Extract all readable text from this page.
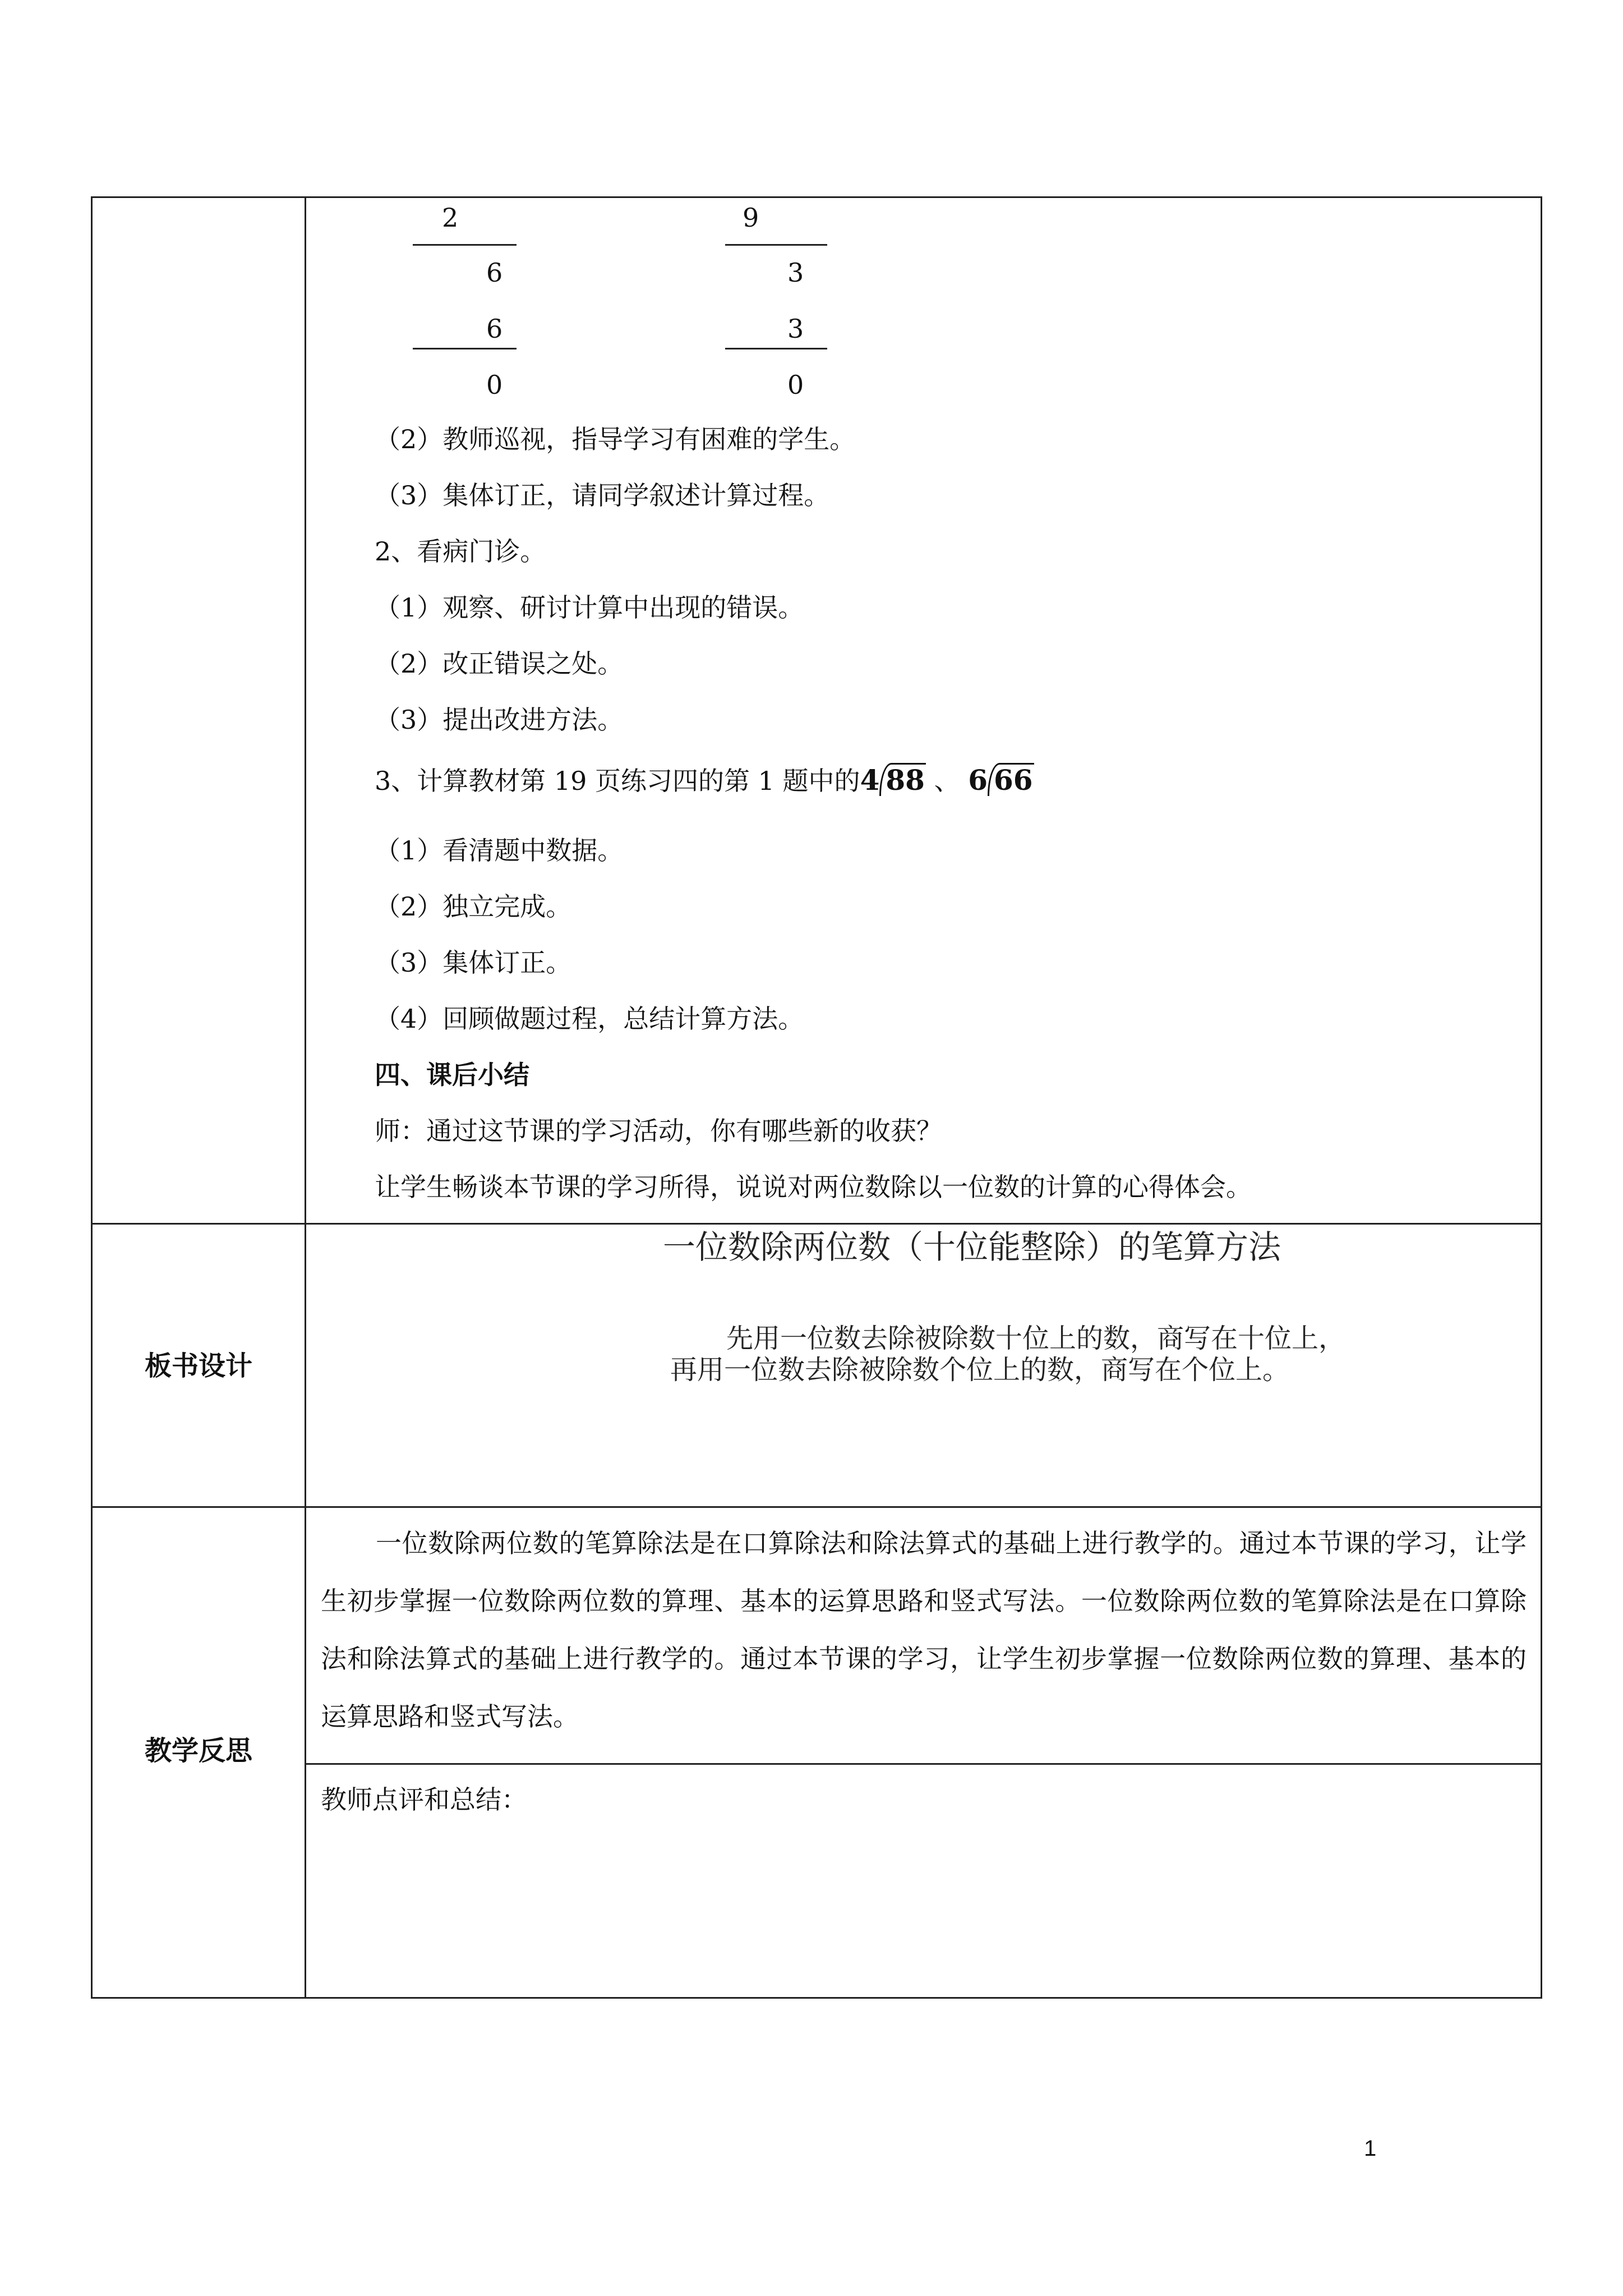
2
6
6
0
9
3
3
0
（2）教师巡视，指导学习有困难的学生。
（3）集体订正，请同学叙述计算过程。
2、看病门诊。
（1）观察、研讨计算中出现的错误。
（2）改正错误之处。
（3）提出改进方法。
3、计算教材第 19 页练习四的第 1 题中的4 88 、 6 66
（1）看清题中数据。
（2）独立完成。
（3）集体订正。
（4）回顾做题过程，总结计算方法。
四、课后小结
师：通过这节课的学习活动，你有哪些新的收获？
让学生畅谈本节课的学习所得，说说对两位数除以一位数的计算的心得体会。
板书设计
一位数除两位数（十位能整除）的笔算方法
先用一位数去除被除数十位上的数，商写在十位上，再用一位数去除被除数个位上的数，商写在个位上。
教学反思
一位数除两位数的笔算除法是在口算除法和除法算式的基础上进行教学的。通过本节课的学习，让学生初步掌握一位数除两位数的算理、基本的运算思路和竖式写法。一位数除两位数的笔算除法是在口算除法和除法算式的基础上进行教学的。通过本节课的学习，让学生初步掌握一位数除两位数的算理、基本的运算思路和竖式写法。
教师点评和总结：
1
